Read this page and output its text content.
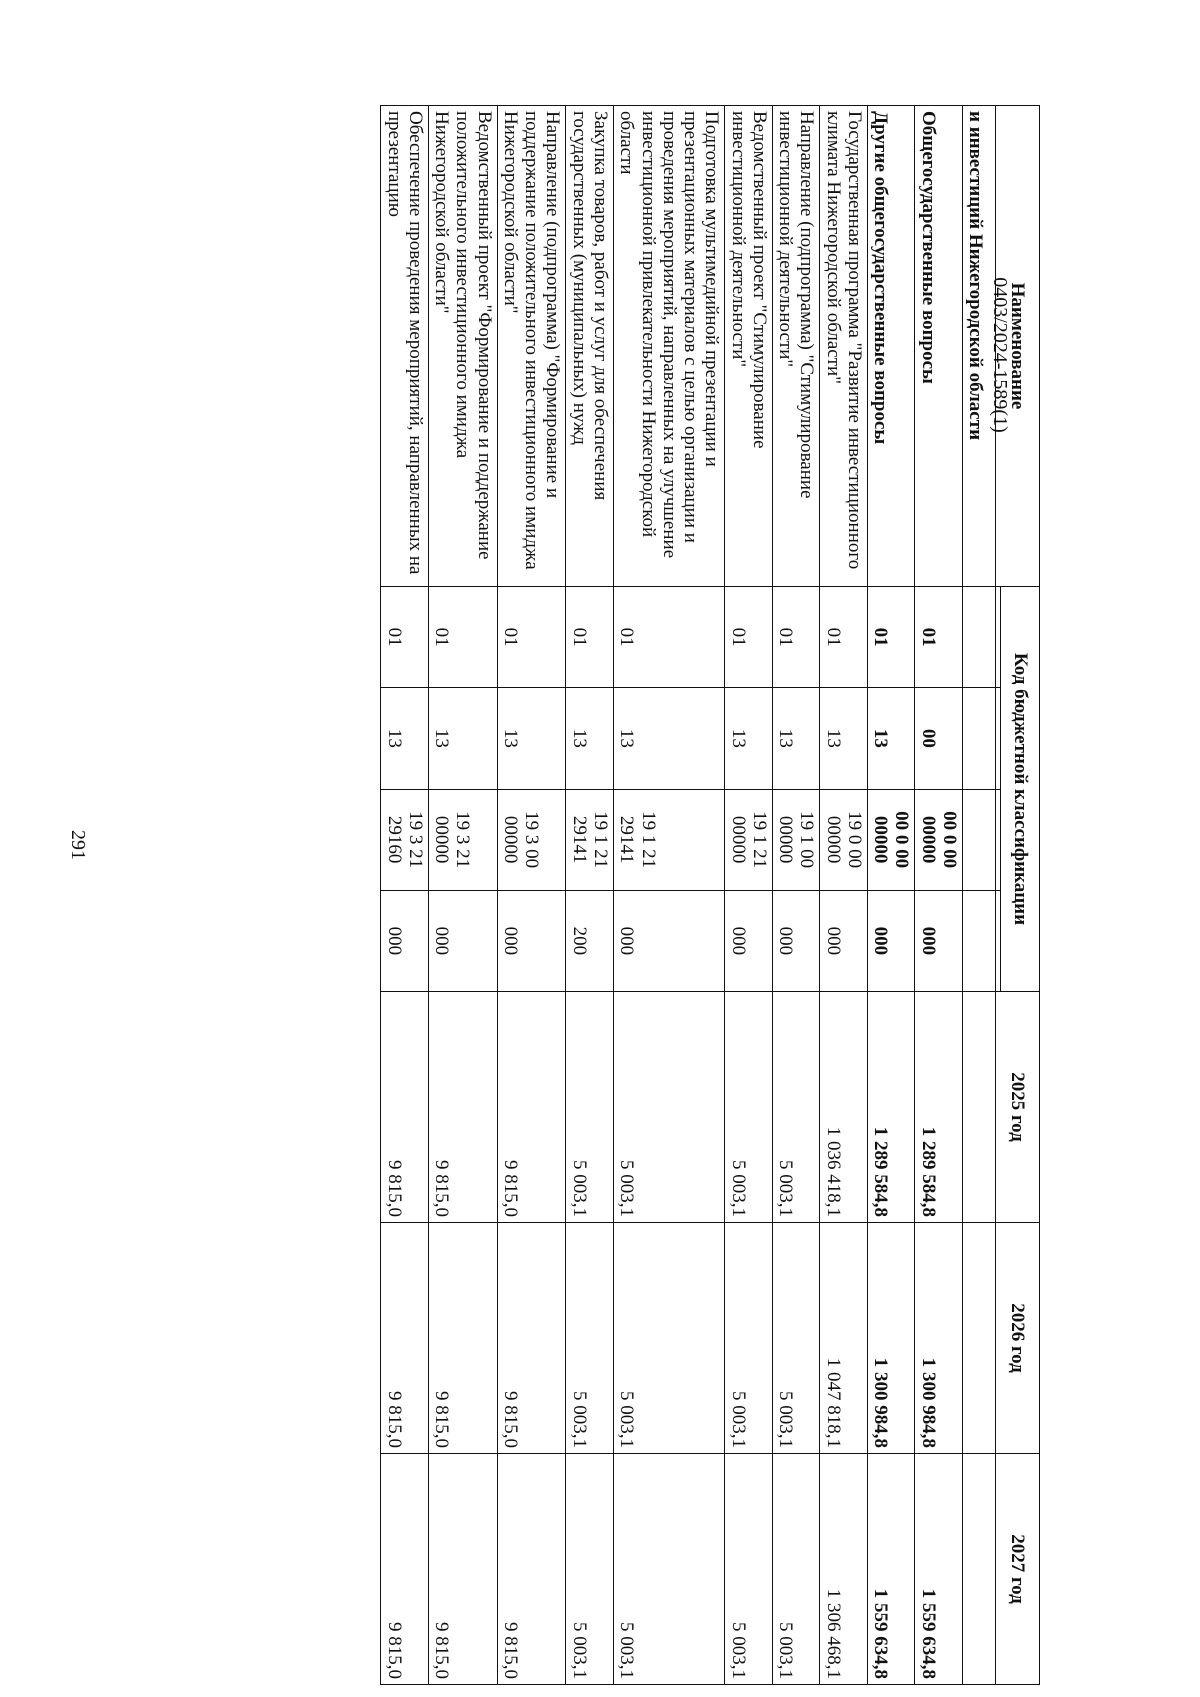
291
Наименование	Код бюджетной классификации				2025 год	2026 год	2027 год

и инвестиций Нижегородской области							
Общегосударственные вопросы	01	00	00 0 00 00000	000	1 289 584,8	1 300 984,8	1 559 634,8
Другие общегосударственные вопросы	01	13	00 0 00 00000	000	1 289 584,8	1 300 984,8	1 559 634,8
Государственная программа "Развитие инвестиционного климата Нижегородской области"	01	13	19 0 00 00000	000	1 036 418,1	1 047 818,1	1 306 468,1
Направление (подпрограмма) "Стимулирование инвестиционной деятельности"	01	13	19 1 00 00000	000	5 003,1	5 003,1	5 003,1
Ведомственный проект "Стимулирование инвестиционной деятельности"	01	13	19 1 21 00000	000	5 003,1	5 003,1	5 003,1
Подготовка мультимедийной презентации и презентационных материалов с целью организации и проведения мероприятий, направленных на улучшение инвестиционной привлекательности Нижегородской области	01	13	19 1 21 29141	000	5 003,1	5 003,1	5 003,1
Закупка товаров, работ и услуг для обеспечения государственных (муниципальных) нужд	01	13	19 1 21 29141	200	5 003,1	5 003,1	5 003,1
Направление (подпрограмма) "Формирование и поддержание положительного инвестиционного имиджа Нижегородской области"	01	13	19 3 00 00000	000	9 815,0	9 815,0	9 815,0
Ведомственный проект "Формирование и поддержание положительного инвестиционного имиджа Нижегородской области"	01	13	19 3 21 00000	000	9 815,0	9 815,0	9 815,0
Обеспечение проведения мероприятий, направленных на презентацию	01	13	19 3 21 29160	000	9 815,0	9 815,0	9 815,0
0403/2024-1589(1)
